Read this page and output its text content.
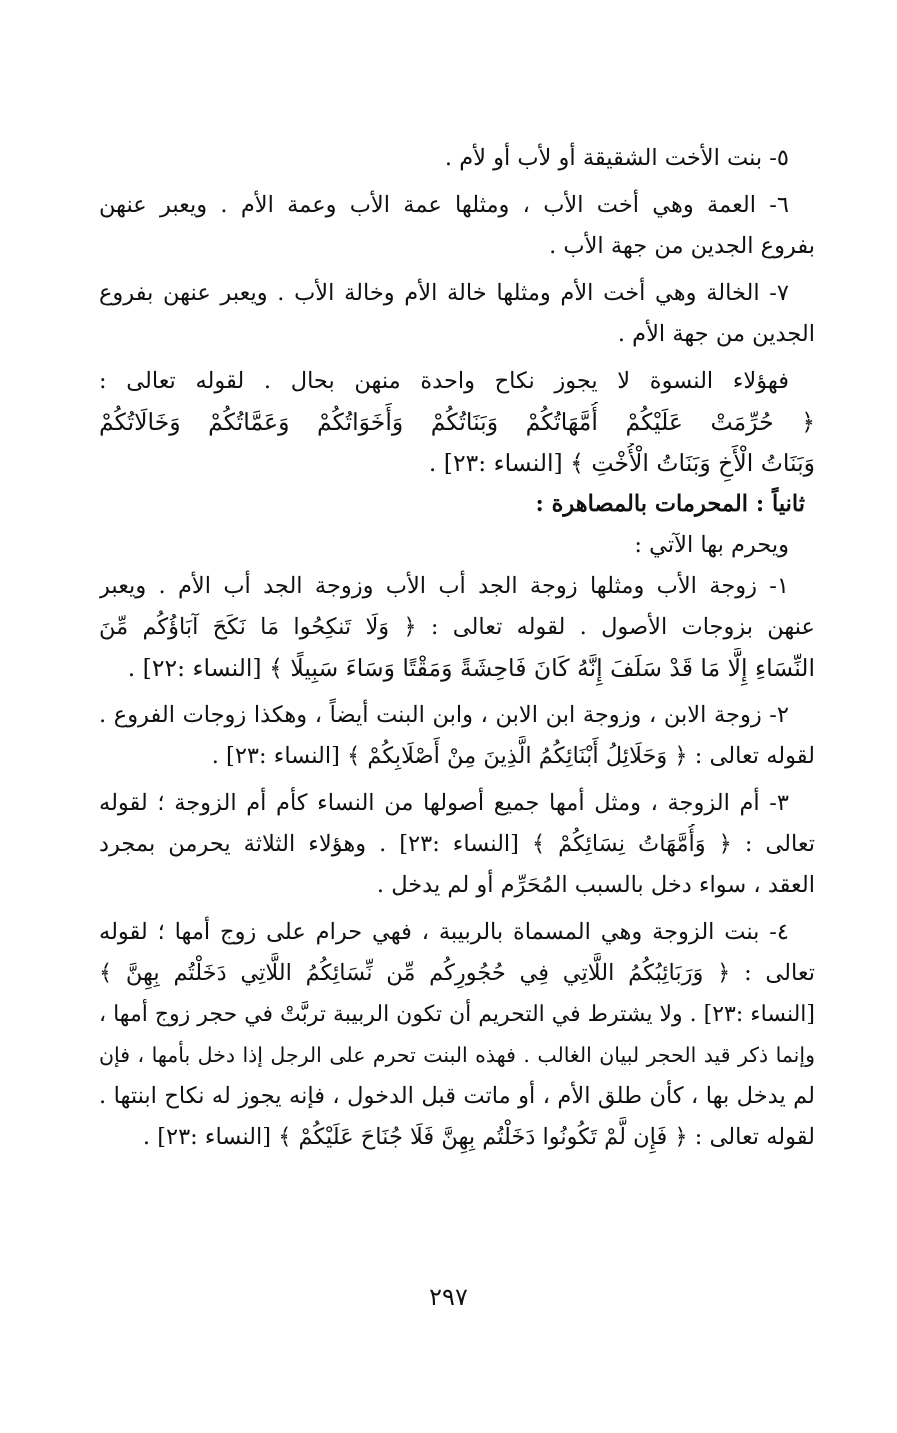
٥- بنت الأخت الشقيقة أو لأب أو لأم .

٦- العمة وهي أخت الأب ، ومثلها عمة الأب وعمة الأم . ويعبر عنهن

بفروع الجدين من جهة الأب .

٧- الخالة وهي أخت الأم ومثلها خالة الأم وخالة الأب . ويعبر عنهن بفروع

الجدين من جهة الأم .

فهؤلاء النسوة لا يجوز نكاح واحدة منهن بحال . لقوله تعالى :

﴿ حُرِّمَتْ عَلَيْكُمْ أُمَّهَاتُكُمْ وَبَنَاتُكُمْ وَأَخَوَاتُكُمْ وَعَمَّاتُكُمْ وَخَالَاتُكُمْ

وَبَنَاتُ الْأَخِ وَبَنَاتُ الْأُخْتِ ﴾ [النساء :٢٣] .

ثانياً : المحرمات بالمصاهرة :

ويحرم بها الآتي :

١- زوجة الأب ومثلها زوجة الجد أب الأب وزوجة الجد أب الأم . ويعبر

عنهن بزوجات الأصول . لقوله تعالى : ﴿ وَلَا تَنكِحُوا مَا نَكَحَ آبَاؤُكُم مِّنَ

النِّسَاءِ إِلَّا مَا قَدْ سَلَفَ إِنَّهُ كَانَ فَاحِشَةً وَمَقْتًا وَسَاءَ سَبِيلًا ﴾ [النساء :٢٢] .

٢- زوجة الابن ، وزوجة ابن الابن ، وابن البنت أيضاً ، وهكذا زوجات الفروع .

لقوله تعالى : ﴿ وَحَلَائِلُ أَبْنَائِكُمُ الَّذِينَ مِنْ أَصْلَابِكُمْ ﴾ [النساء :٢٣] .

٣- أم الزوجة ، ومثل أمها جميع أصولها من النساء كأم أم الزوجة ؛ لقوله

تعالى : ﴿ وَأُمَّهَاتُ نِسَائِكُمْ ﴾ [النساء :٢٣] . وهؤلاء الثلاثة يحرمن بمجرد

العقد ، سواء دخل بالسبب المُحَرِّم أو لم يدخل .

٤- بنت الزوجة وهي المسماة بالربيبة ، فهي حرام على زوج أمها ؛ لقوله

تعالى : ﴿ وَرَبَائِبُكُمُ اللَّاتِي فِي حُجُورِكُم مِّن نِّسَائِكُمُ اللَّاتِي دَخَلْتُم بِهِنَّ ﴾

[النساء :٢٣] . ولا يشترط في التحريم أن تكون الربيبة تربَّتْ في حجر زوج أمها ،

وإنما ذكر قيد الحجر لبيان الغالب . فهذه البنت تحرم على الرجل إذا دخل بأمها ، فإن

لم يدخل بها ، كأن طلق الأم ، أو ماتت قبل الدخول ، فإنه يجوز له نكاح ابنتها .

لقوله تعالى : ﴿ فَإِن لَّمْ تَكُونُوا دَخَلْتُم بِهِنَّ فَلَا جُنَاحَ عَلَيْكُمْ ﴾ [النساء :٢٣] .

٢٩٧
